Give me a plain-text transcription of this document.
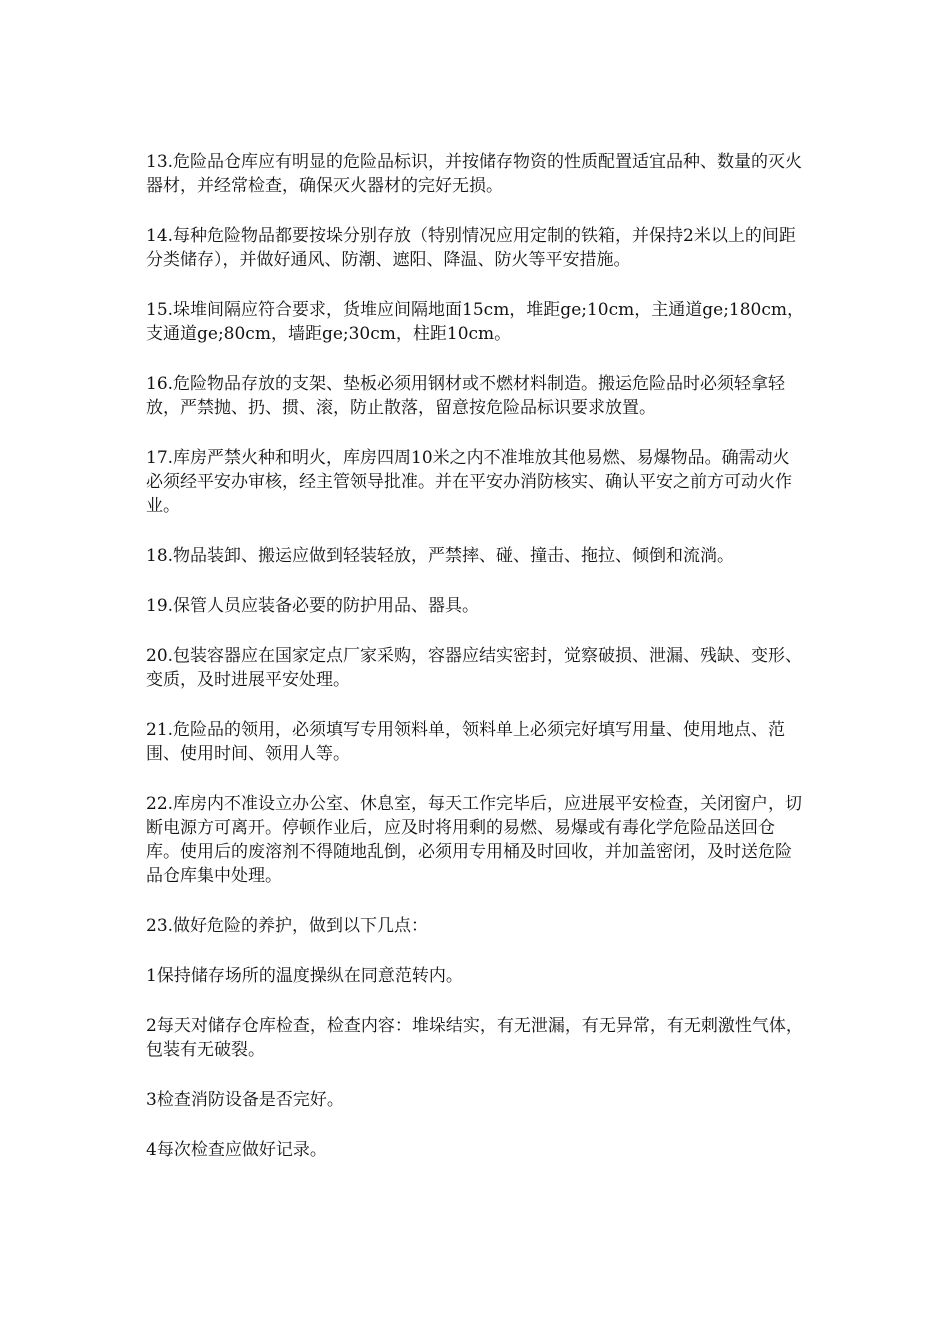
13.危险品仓库应有明显的危险品标识，并按储存物资的性质配置适宜品种、数量的灭火器材，并经常检查，确保灭火器材的完好无损。

14.每种危险物品都要按垛分别存放（特别情况应用定制的铁箱，并保持2米以上的间距分类储存），并做好通风、防潮、遮阳、降温、防火等平安措施。

15.垛堆间隔应符合要求，货堆应间隔地面15cm，堆距ge;10cm，主通道ge;180cm，支通道ge;80cm，墙距ge;30cm，柱距10cm。

16.危险物品存放的支架、垫板必须用钢材或不燃材料制造。搬运危险品时必须轻拿轻放，严禁抛、扔、掼、滚，防止散落，留意按危险品标识要求放置。

17.库房严禁火种和明火，库房四周10米之内不准堆放其他易燃、易爆物品。确需动火必须经平安办审核，经主管领导批准。并在平安办消防核实、确认平安之前方可动火作业。

18.物品装卸、搬运应做到轻装轻放，严禁摔、碰、撞击、拖拉、倾倒和流淌。

19.保管人员应装备必要的防护用品、器具。

20.包装容器应在国家定点厂家采购，容器应结实密封，觉察破损、泄漏、残缺、变形、变质，及时进展平安处理。

21.危险品的领用，必须填写专用领料单，领料单上必须完好填写用量、使用地点、范围、使用时间、领用人等。

22.库房内不准设立办公室、休息室，每天工作完毕后，应进展平安检查，关闭窗户，切断电源方可离开。停顿作业后，应及时将用剩的易燃、易爆或有毒化学危险品送回仓库。使用后的废溶剂不得随地乱倒，必须用专用桶及时回收，并加盖密闭，及时送危险品仓库集中处理。

23.做好危险的养护，做到以下几点：

1保持储存场所的温度操纵在同意范转内。

2每天对储存仓库检查，检查内容：堆垛结实，有无泄漏，有无异常，有无刺激性气体，包装有无破裂。

3检查消防设备是否完好。

4每次检查应做好记录。
